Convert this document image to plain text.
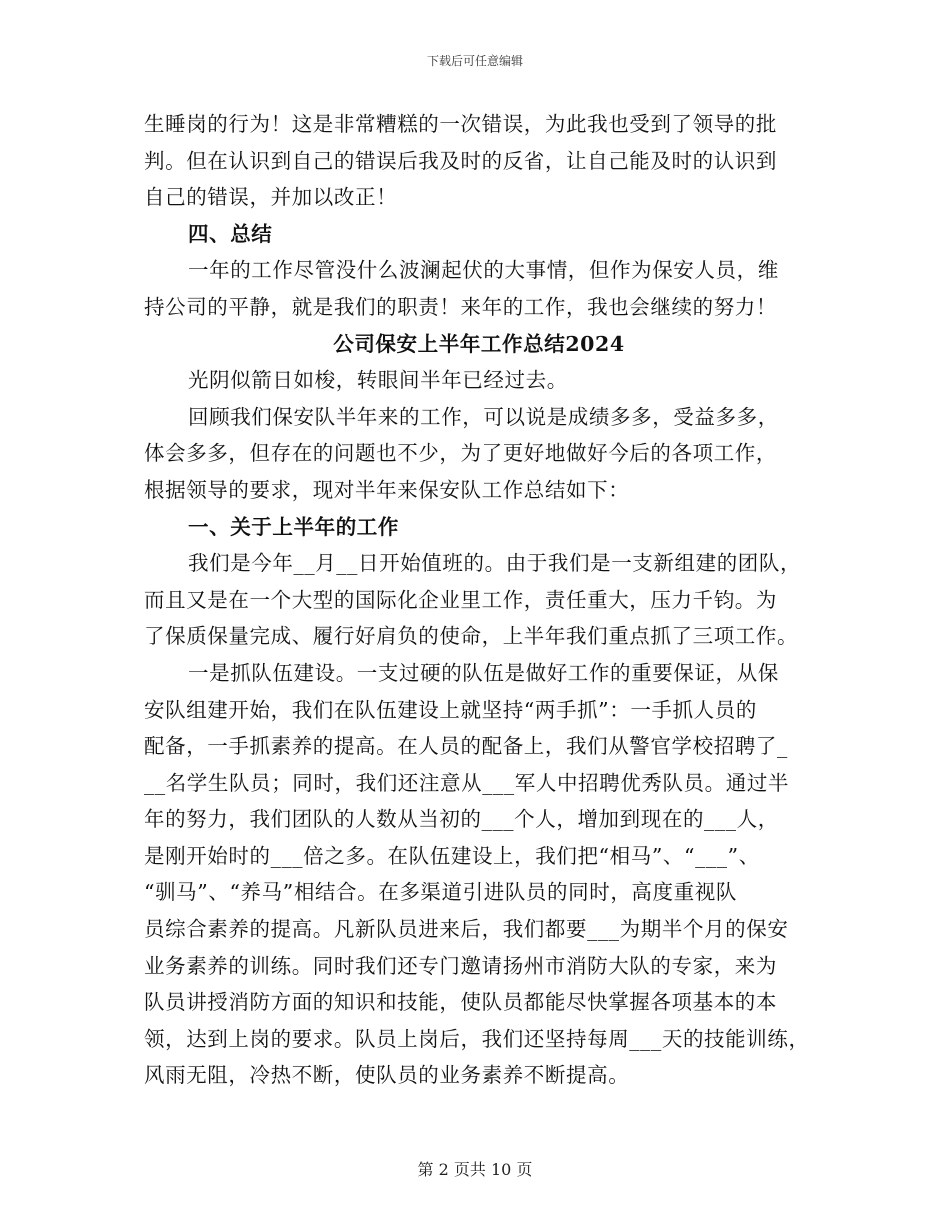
下载后可任意编辑
生睡岗的行为！这是非常糟糕的一次错误，为此我也受到了领导的批
判。但在认识到自己的错误后我及时的反省，让自己能及时的认识到
自己的错误，并加以改正！
四、总结
一年的工作尽管没什么波澜起伏的大事情，但作为保安人员，维
持公司的平静，就是我们的职责！来年的工作，我也会继续的努力！
公司保安上半年工作总结2024
光阴似箭日如梭，转眼间半年已经过去。
回顾我们保安队半年来的工作，可以说是成绩多多，受益多多，
体会多多，但存在的问题也不少，为了更好地做好今后的各项工作，
根据领导的要求，现对半年来保安队工作总结如下：
一、关于上半年的工作
我们是今年__月__日开始值班的。由于我们是一支新组建的团队，
而且又是在一个大型的国际化企业里工作，责任重大，压力千钧。为
了保质保量完成、履行好肩负的使命，上半年我们重点抓了三项工作。
一是抓队伍建设。一支过硬的队伍是做好工作的重要保证，从保
安队组建开始，我们在队伍建设上就坚持“两手抓”：一手抓人员的
配备，一手抓素养的提高。在人员的配备上，我们从警官学校招聘了_
__名学生队员；同时，我们还注意从___军人中招聘优秀队员。通过半
年的努力，我们团队的人数从当初的___个人，增加到现在的___人，
是刚开始时的___倍之多。在队伍建设上，我们把“相马”、“___”、
“驯马”、“养马”相结合。在多渠道引进队员的同时，高度重视队
员综合素养的提高。凡新队员进来后，我们都要___为期半个月的保安
业务素养的训练。同时我们还专门邀请扬州市消防大队的专家，来为
队员讲授消防方面的知识和技能，使队员都能尽快掌握各项基本的本
领，达到上岗的要求。队员上岗后，我们还坚持每周___天的技能训练，
风雨无阻，冷热不断，使队员的业务素养不断提高。
第 2 页共 10 页
